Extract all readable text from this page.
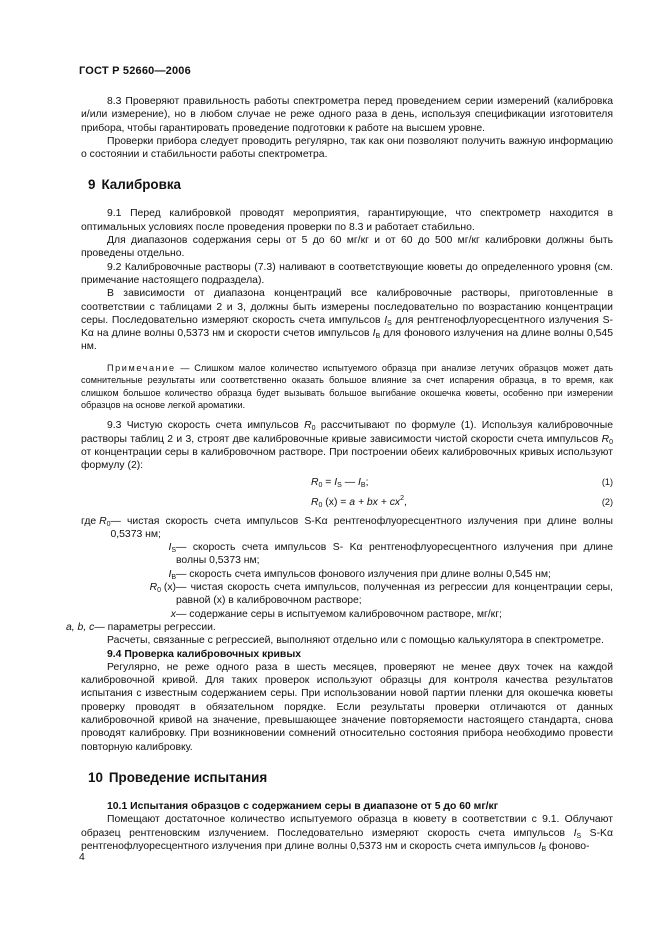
ГОСТ Р 52660—2006

8.3 Проверяют правильность работы спектрометра перед проведением серии измерений (калибровка и/или измерение), но в любом случае не реже одного раза в день, используя спецификации изготовителя прибора, чтобы гарантировать проведение подготовки к работе на высшем уровне.

Проверки прибора следует проводить регулярно, так как они позволяют получить важную информацию о состоянии и стабильности работы спектрометра.

9 Калибровка

9.1 Перед калибровкой проводят мероприятия, гарантирующие, что спектрометр находится в оптимальных условиях после проведения проверки по 8.3 и работает стабильно.

Для диапазонов содержания серы от 5 до 60 мг/кг и от 60 до 500 мг/кг калибровки должны быть проведены отдельно.

9.2 Калибровочные растворы (7.3) наливают в соответствующие кюветы до определенного уровня (см. примечание настоящего подраздела).

В зависимости от диапазона концентраций все калибровочные растворы, приготовленные в соответствии с таблицами 2 и 3, должны быть измерены последовательно по возрастанию концентрации серы. Последовательно измеряют скорость счета импульсов $I_S$ для рентгенофлуоресцентного излучения S-Kα на длине волны 0,5373 нм и скорости счетов импульсов $I_B$ для фонового излучения на длине волны 0,545 нм.

Примечание — Слишком малое количество испытуемого образца при анализе летучих образцов может дать сомнительные результаты или соответственно оказать большое влияние за счет испарения образца, в то время, как слишком большое количество образца будет вызывать большое выгибание окошечка кюветы, особенно при измерении образцов на основе легкой ароматики.

9.3 Чистую скорость счета импульсов $R_0$ рассчитывают по формуле (1). Используя калибровочные растворы таблиц 2 и 3, строят две калибровочные кривые зависимости чистой скорости счета импульсов $R_0$ от концентрации серы в калибровочном растворе. При построении обеих калибровочных кривых используют формулу (2):

$R_0 = I_S$ — $I_B$;	(1)
$R_0$ (x) = a + bx + $cx^2$,	(2)
где $R_0$ — чистая скорость счета импульсов S-Kα рентгенофлуоресцентного излучения при длине волны 0,5373 нм;
$I_S$ — скорость счета импульсов S- Kα рентгенофлуоресцентного излучения при длине волны 0,5373 нм;
$I_B$ — скорость счета импульсов фонового излучения при длине волны 0,545 нм;
$R_0$ (x) — чистая скорость счета импульсов, полученная из регрессии для концентрации серы, равной (x) в калибровочном растворе;
x — содержание серы в испытуемом калибровочном растворе, мг/кг;
a, b, c — параметры регрессии.

Расчеты, связанные с регрессией, выполняют отдельно или с помощью калькулятора в спектрометре.

9.4 Проверка калибровочных кривых

Регулярно, не реже одного раза в шесть месяцев, проверяют не менее двух точек на каждой калибровочной кривой. Для таких проверок используют образцы для контроля качества результатов испытания с известным содержанием серы. При использовании новой партии пленки для окошечка кюветы проверку проводят в обязательном порядке. Если результаты проверки отличаются от данных калибровочной кривой на значение, превышающее значение повторяемости настоящего стандарта, снова проводят калибровку. При возникновении сомнений относительно состояния прибора необходимо провести повторную калибровку.

10 Проведение испытания
10.1 Испытания образцов с содержанием серы в диапазоне от 5 до 60 мг/кг

Помещают достаточное количество испытуемого образца в кювету в соответствии с 9.1. Облучают образец рентгеновским излучением. Последовательно измеряют скорость счета импульсов $I_S$ S-Kα рентгенофлуоресцентного излучения при длине волны 0,5373 нм и скорость счета импульсов $I_B$ фоново-

4
